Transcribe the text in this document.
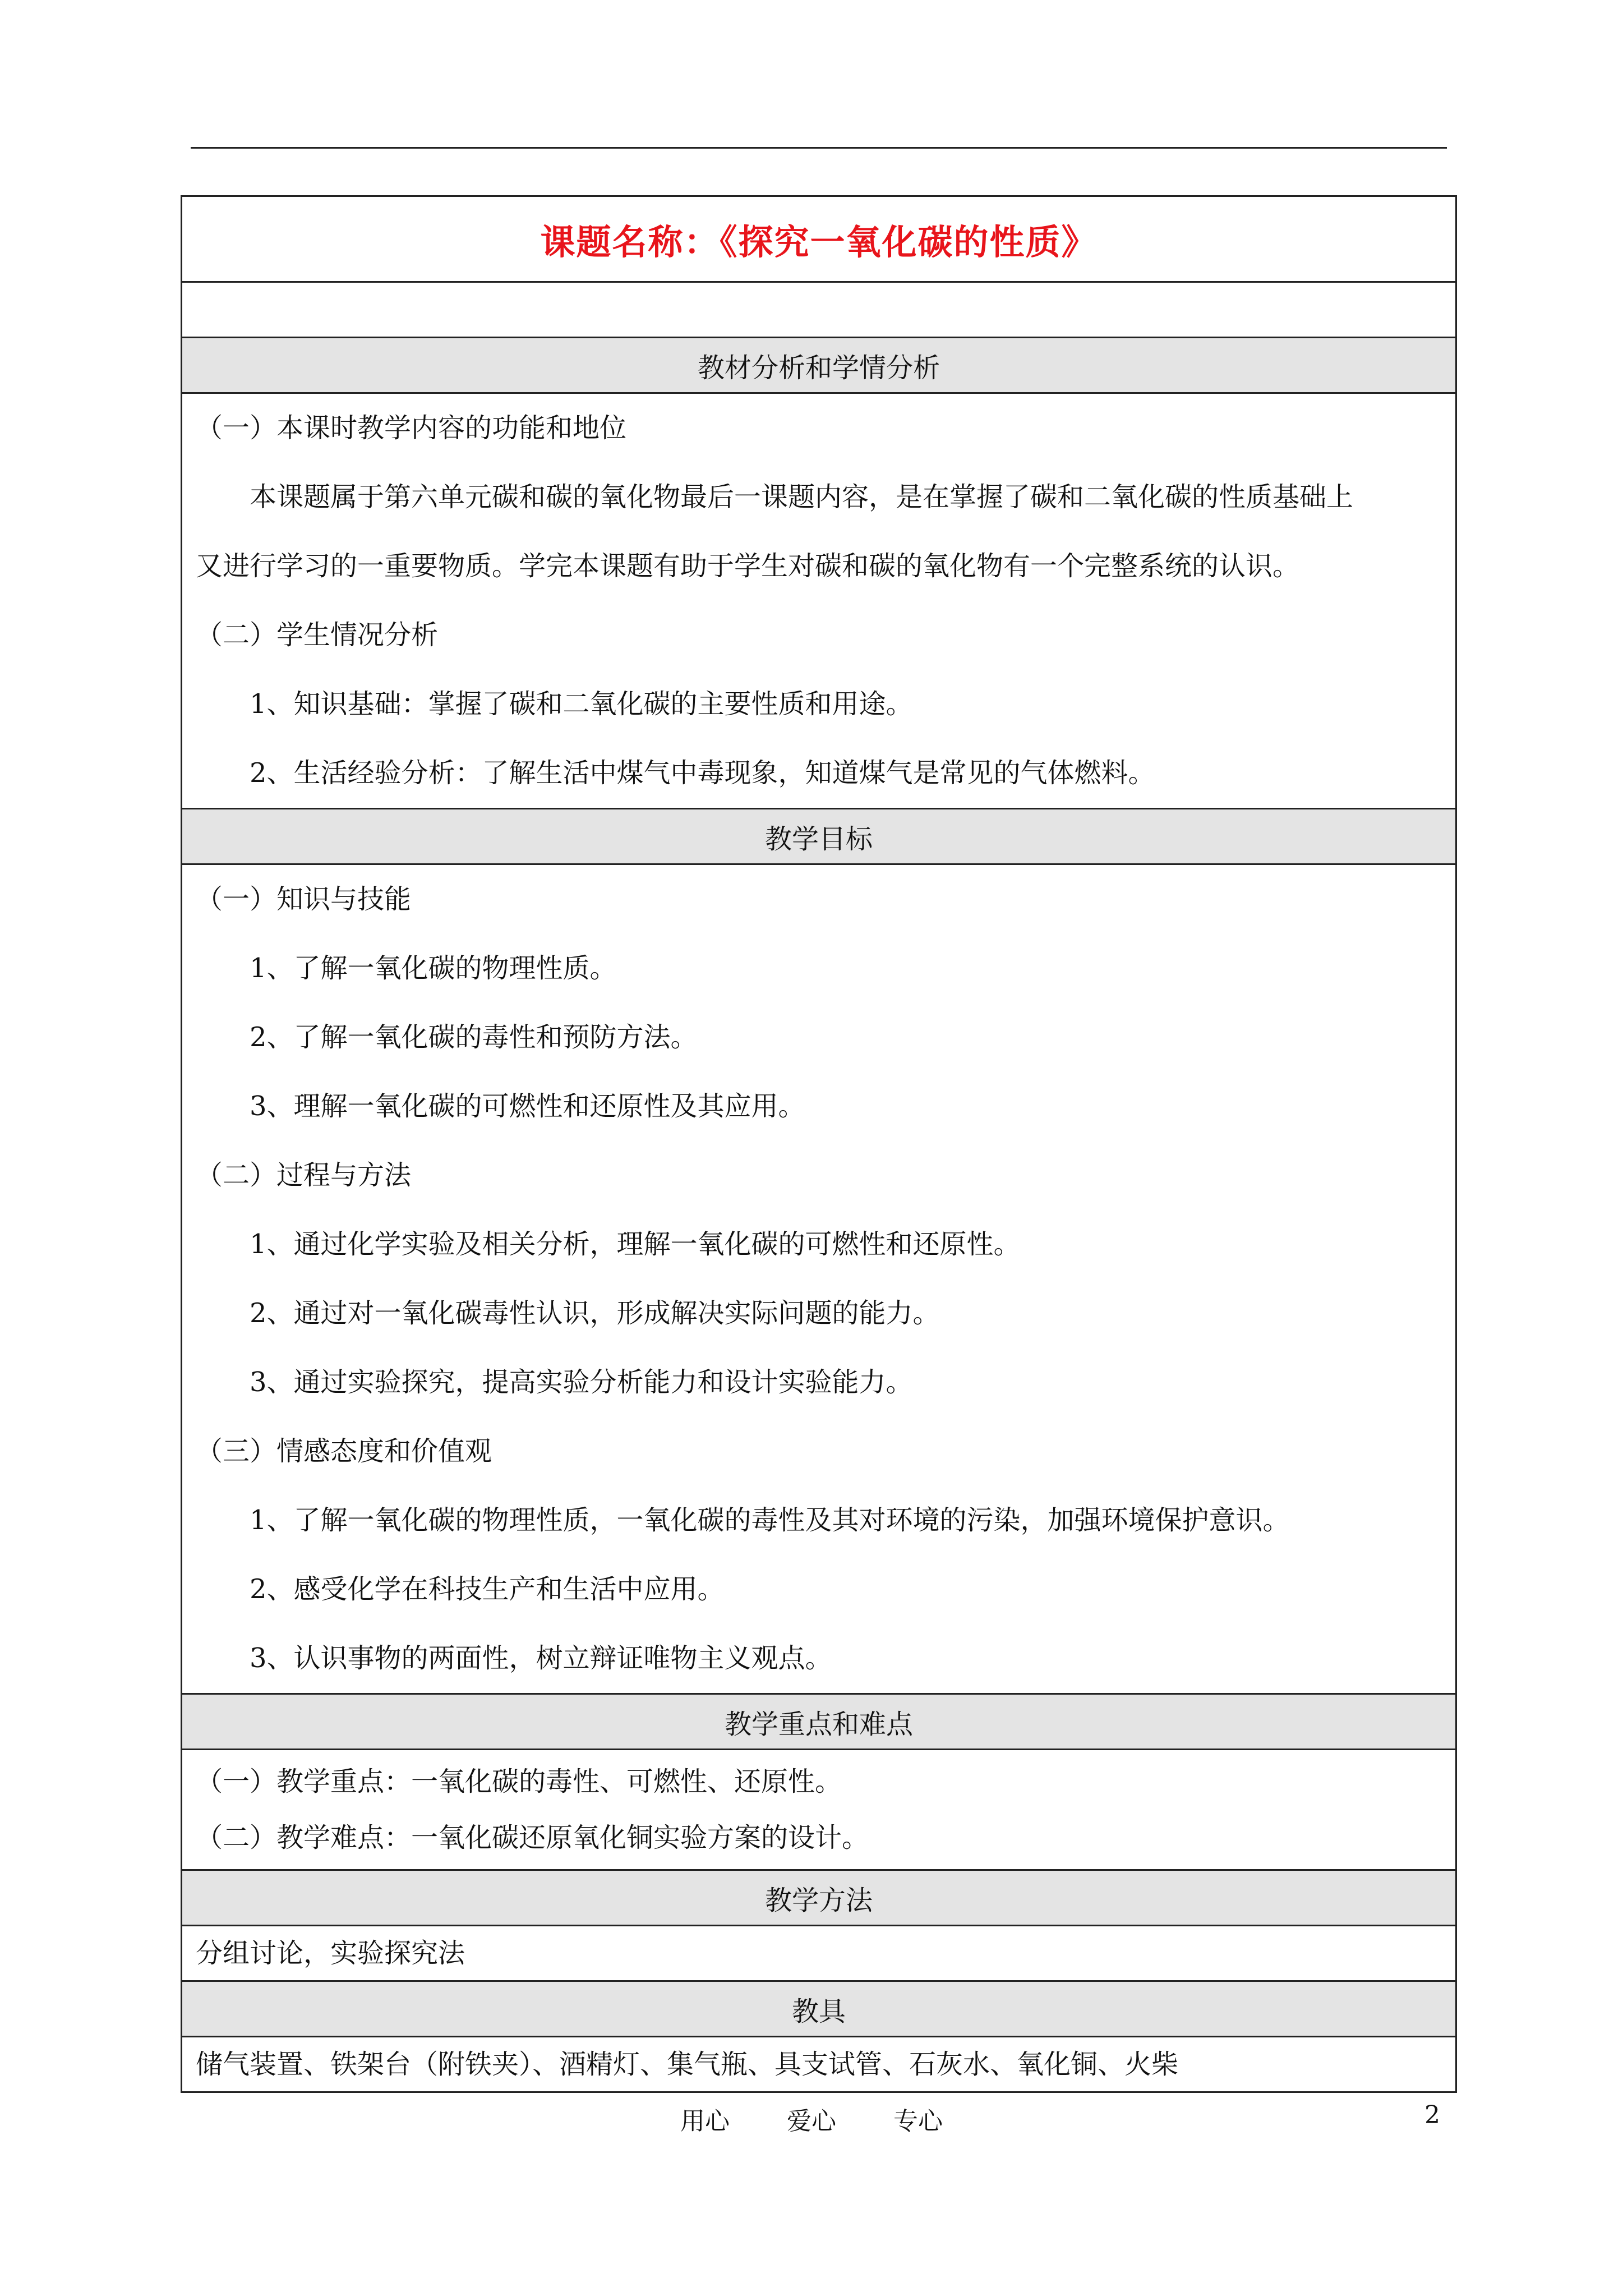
课题名称：《探究一氧化碳的性质》

教材分析和学情分析

（一）本课时教学内容的功能和地位
本课题属于第六单元碳和碳的氧化物最后一课题内容，是在掌握了碳和二氧化碳的性质基础上
又进行学习的一重要物质。学完本课题有助于学生对碳和碳的氧化物有一个完整系统的认识。
（二）学生情况分析
1、知识基础：掌握了碳和二氧化碳的主要性质和用途。
2、生活经验分析：了解生活中煤气中毒现象，知道煤气是常见的气体燃料。

教学目标

（一）知识与技能
1、了解一氧化碳的物理性质。
2、了解一氧化碳的毒性和预防方法。
3、理解一氧化碳的可燃性和还原性及其应用。
（二）过程与方法
1、通过化学实验及相关分析，理解一氧化碳的可燃性和还原性。
2、通过对一氧化碳毒性认识，形成解决实际问题的能力。
3、通过实验探究，提高实验分析能力和设计实验能力。
（三）情感态度和价值观
1、了解一氧化碳的物理性质，一氧化碳的毒性及其对环境的污染，加强环境保护意识。
2、感受化学在科技生产和生活中应用。
3、认识事物的两面性，树立辩证唯物主义观点。

教学重点和难点

（一）教学重点：一氧化碳的毒性、可燃性、还原性。
（二）教学难点：一氧化碳还原氧化铜实验方案的设计。

教学方法

分组讨论，实验探究法

教具

储气装置、铁架台（附铁夹）、酒精灯、集气瓶、具支试管、石灰水、氧化铜、火柴
用心 爱心 专心	2
